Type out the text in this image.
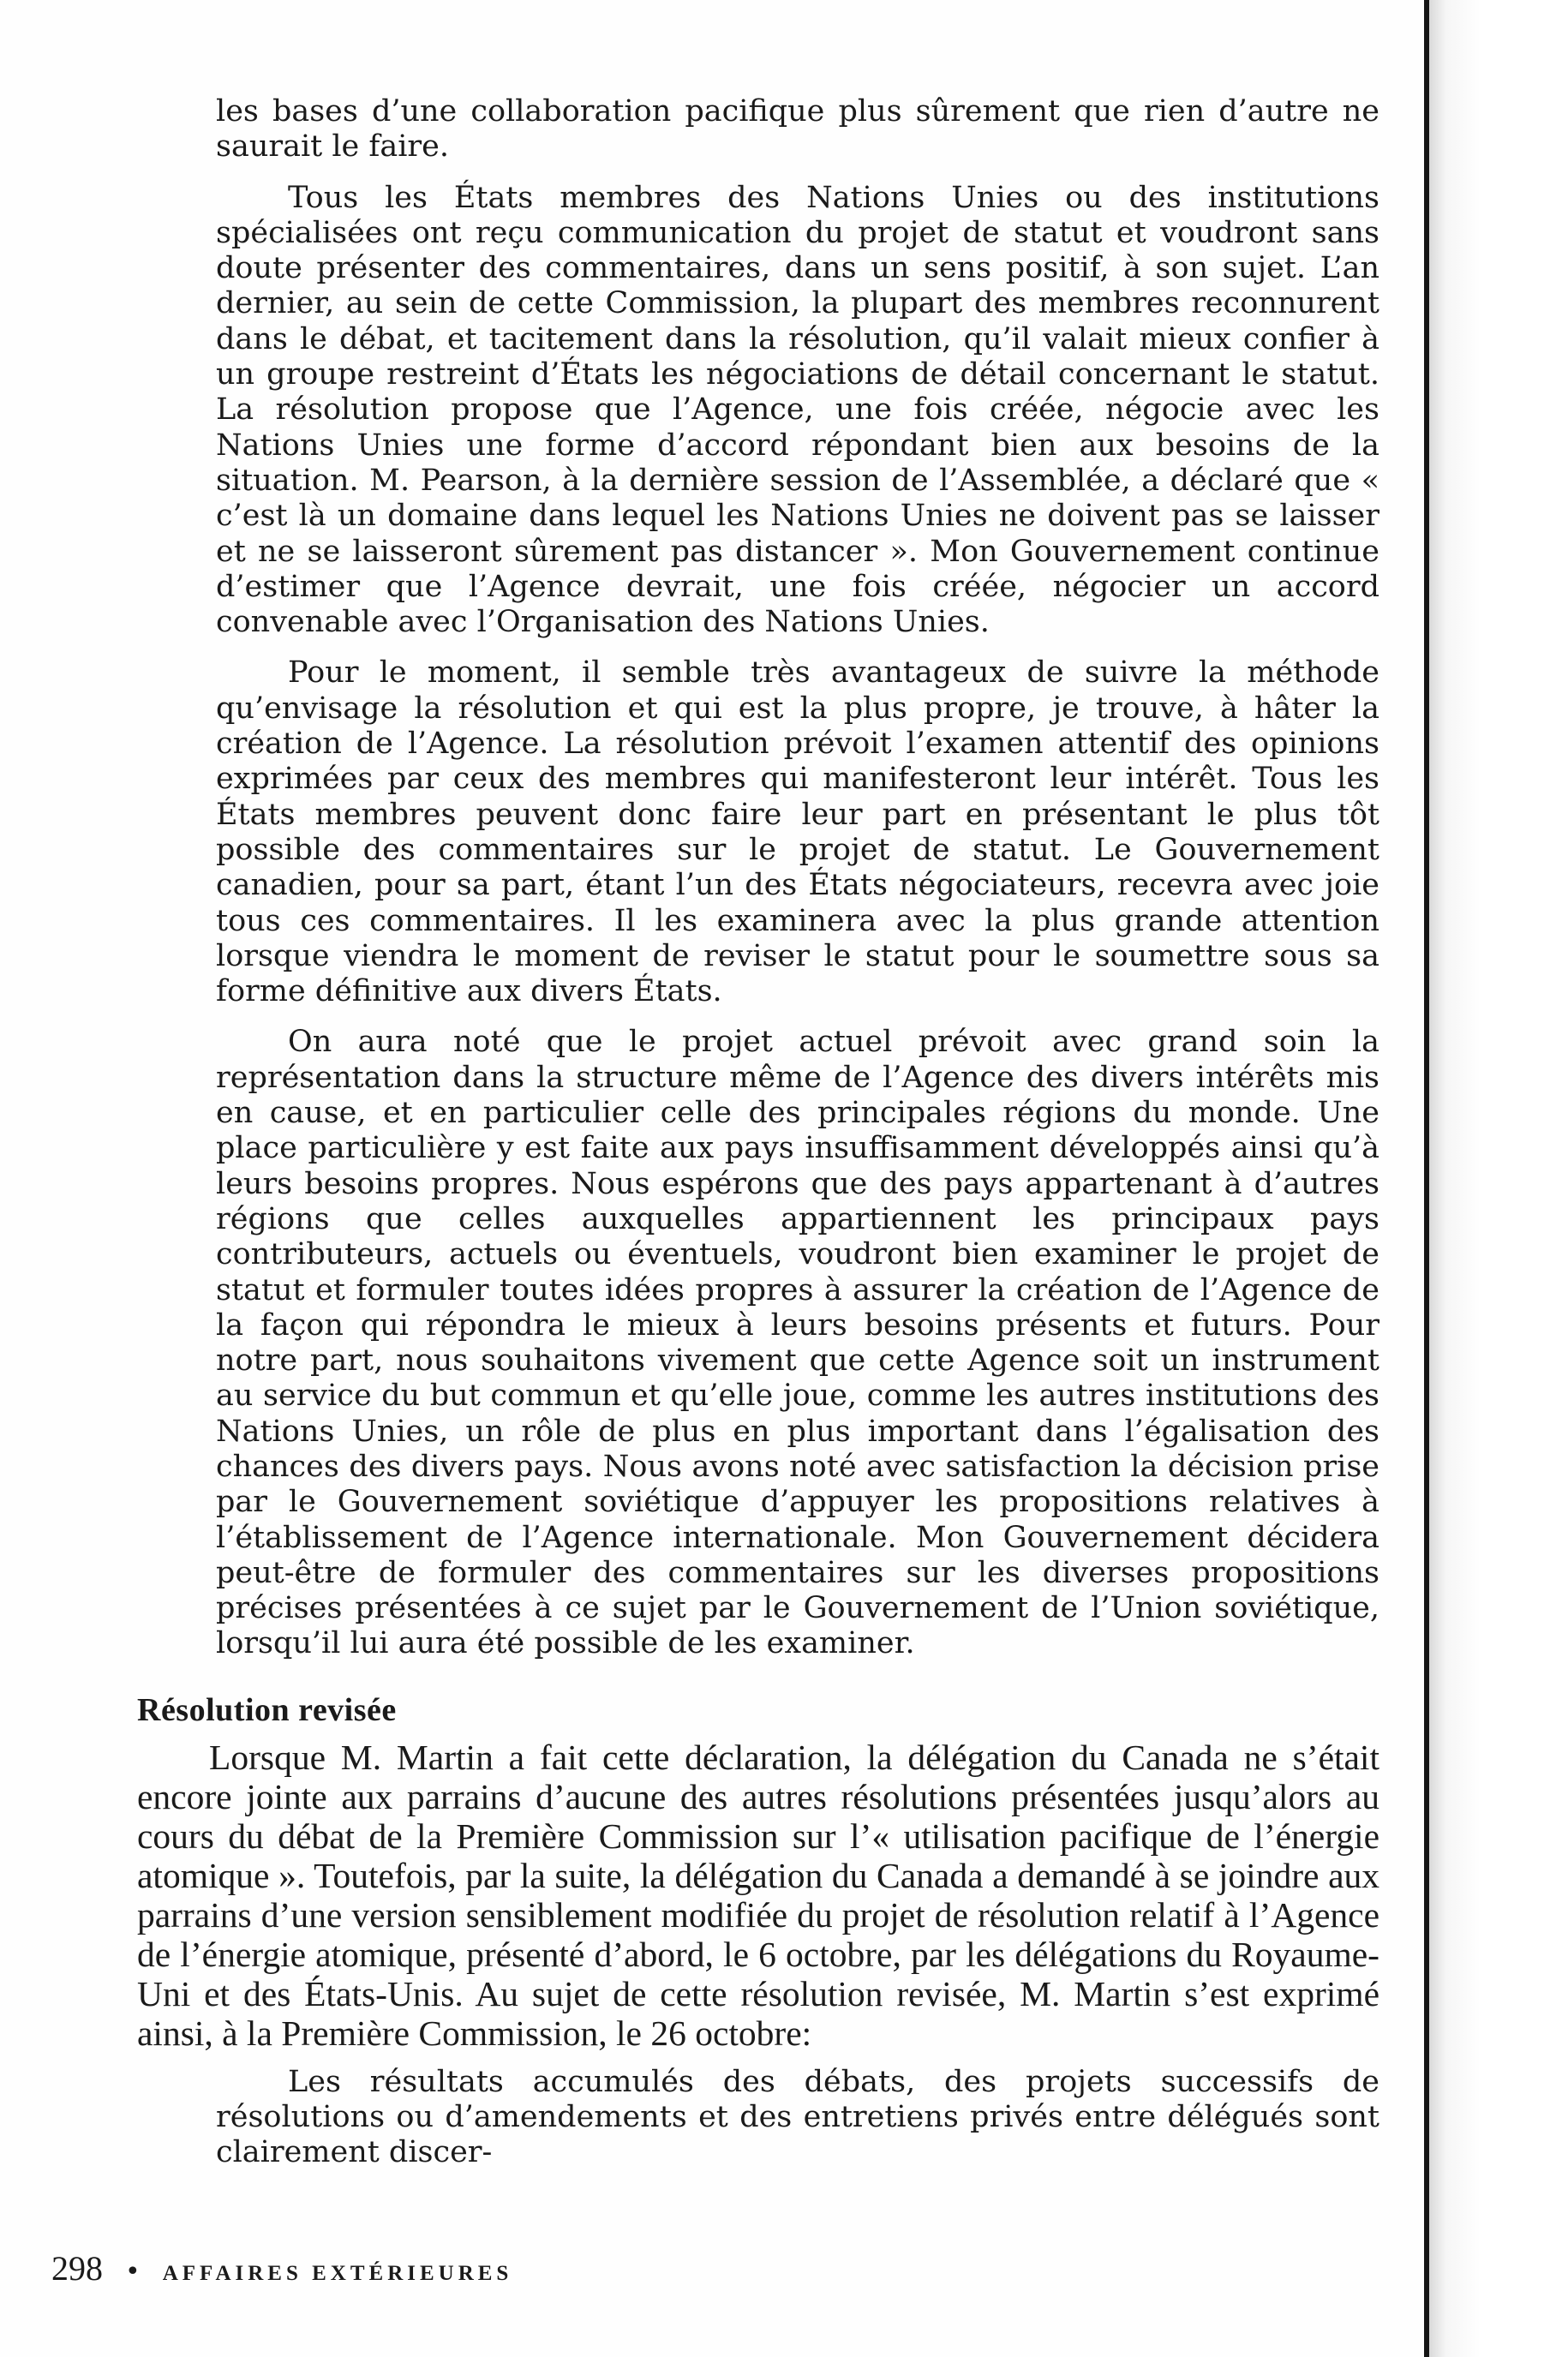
les bases d’une collaboration pacifique plus sûrement que rien d’autre ne saurait le faire.

Tous les États membres des Nations Unies ou des institutions spécialisées ont reçu communication du projet de statut et voudront sans doute présenter des commentaires, dans un sens positif, à son sujet. L’an dernier, au sein de cette Commission, la plupart des membres reconnurent dans le débat, et tacitement dans la résolution, qu’il valait mieux confier à un groupe restreint d’États les négociations de détail concernant le statut. La résolution propose que l’Agence, une fois créée, négocie avec les Nations Unies une forme d’accord répondant bien aux besoins de la situation. M. Pearson, à la dernière session de l’Assemblée, a déclaré que « c’est là un domaine dans lequel les Nations Unies ne doivent pas se laisser et ne se laisseront sûrement pas distancer ». Mon Gouvernement continue d’estimer que l’Agence devrait, une fois créée, négocier un accord convenable avec l’Organisation des Nations Unies.

Pour le moment, il semble très avantageux de suivre la méthode qu’envisage la résolution et qui est la plus propre, je trouve, à hâter la création de l’Agence. La résolution prévoit l’examen attentif des opinions exprimées par ceux des membres qui manifesteront leur intérêt. Tous les États membres peuvent donc faire leur part en présentant le plus tôt possible des commentaires sur le projet de statut. Le Gouvernement canadien, pour sa part, étant l’un des États négociateurs, recevra avec joie tous ces commentaires. Il les examinera avec la plus grande attention lorsque viendra le moment de reviser le statut pour le soumettre sous sa forme définitive aux divers États.

On aura noté que le projet actuel prévoit avec grand soin la représentation dans la structure même de l’Agence des divers intérêts mis en cause, et en particulier celle des principales régions du monde. Une place particulière y est faite aux pays insuffisamment développés ainsi qu’à leurs besoins propres. Nous espérons que des pays appartenant à d’autres régions que celles auxquelles appartiennent les principaux pays contributeurs, actuels ou éventuels, voudront bien examiner le projet de statut et formuler toutes idées propres à assurer la création de l’Agence de la façon qui répondra le mieux à leurs besoins présents et futurs. Pour notre part, nous souhaitons vivement que cette Agence soit un instrument au service du but commun et qu’elle joue, comme les autres institutions des Nations Unies, un rôle de plus en plus important dans l’égalisation des chances des divers pays. Nous avons noté avec satisfaction la décision prise par le Gouvernement soviétique d’appuyer les propositions relatives à l’établissement de l’Agence internationale. Mon Gouvernement décidera peut-être de formuler des commentaires sur les diverses propositions précises présentées à ce sujet par le Gouvernement de l’Union soviétique, lorsqu’il lui aura été possible de les examiner.

Résolution revisée

Lorsque M. Martin a fait cette déclaration, la délégation du Canada ne s’était encore jointe aux parrains d’aucune des autres résolutions présentées jusqu’alors au cours du débat de la Première Commission sur l’« utilisation pacifique de l’énergie atomique ». Toutefois, par la suite, la délégation du Canada a demandé à se joindre aux parrains d’une version sensiblement modifiée du projet de résolution relatif à l’Agence de l’énergie atomique, présenté d’abord, le 6 octobre, par les délégations du Royaume-Uni et des États-Unis. Au sujet de cette résolution revisée, M. Martin s’est exprimé ainsi, à la Première Commission, le 26 octobre:

Les résultats accumulés des débats, des projets successifs de résolutions ou d’amendements et des entretiens privés entre délégués sont clairement discer-

298 • AFFAIRES EXTÉRIEURES
